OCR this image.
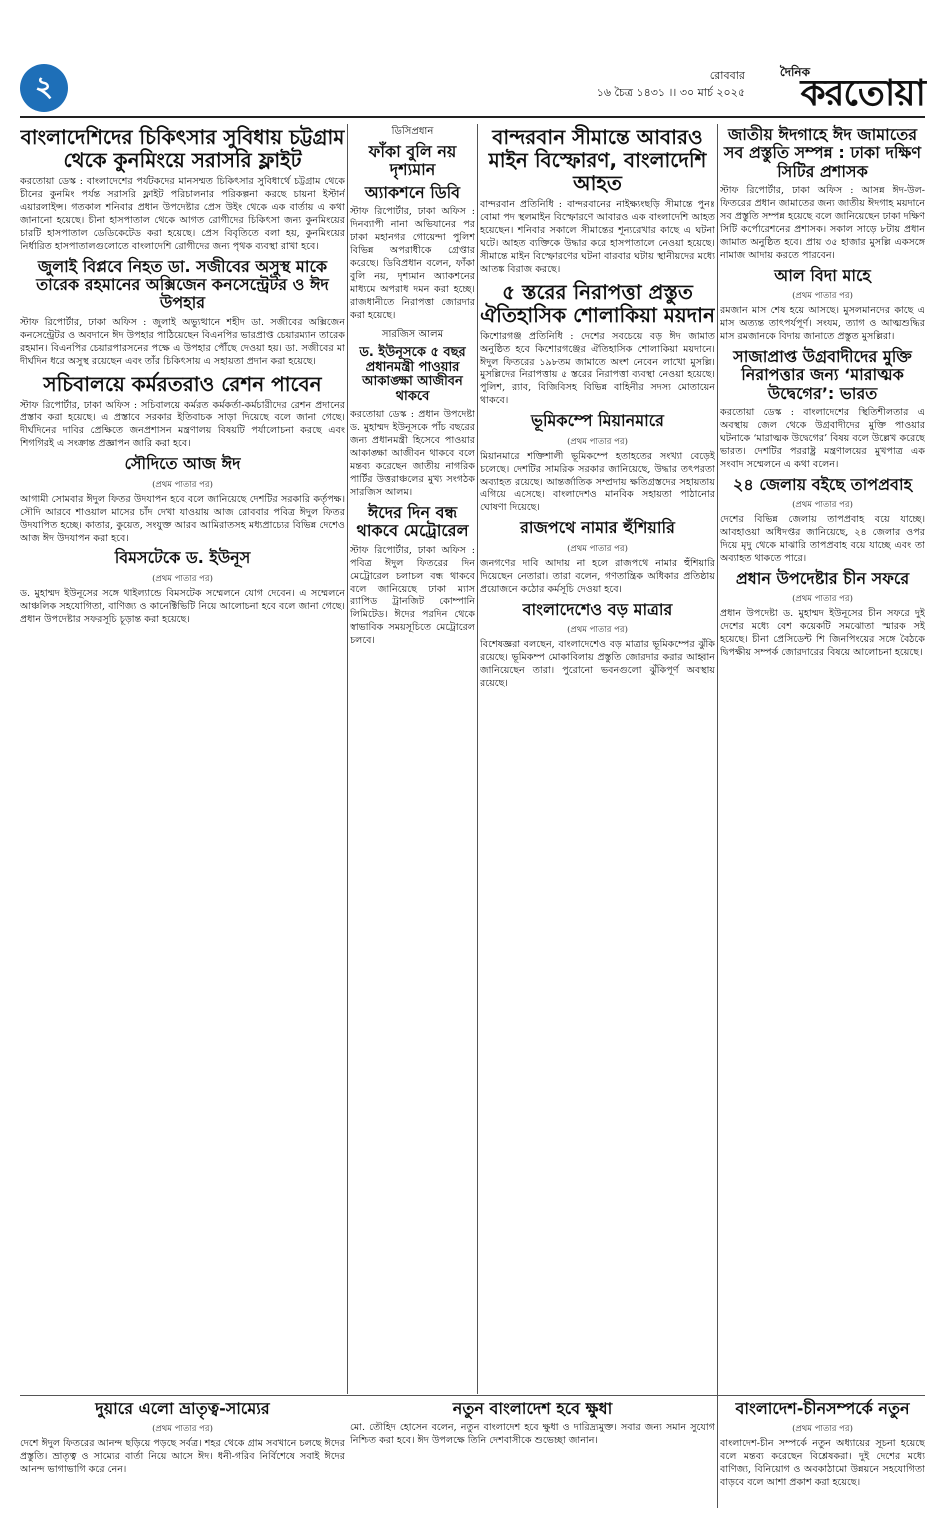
২	রোববার
১৬ চৈত্র ১৪৩১ ।। ৩০ মার্চ ২০২৫
দৈনিক
করতোয়া
বাংলাদেশিদের চিকিৎসার সুবিধায় চট্টগ্রাম থেকে কুনমিংয়ে সরাসরি ফ্লাইট

করতোয়া ডেস্ক : বাংলাদেশের পর্যটকদের মানসম্মত চিকিৎসার সুবিধার্থে চট্টগ্রাম থেকে চীনের কুনমিং পর্যন্ত সরাসরি ফ্লাইট পরিচালনার পরিকল্পনা করছে চায়না ইস্টার্ন এয়ারলাইন্স। গতকাল শনিবার প্রধান উপদেষ্টার প্রেস উইং থেকে এক বার্তায় এ কথা জানানো হয়েছে। চীনা হাসপাতাল থেকে আগত রোগীদের চিকিৎসা জন্য কুনমিংয়ের চারটি হাসপাতাল ডেডিকেটেড করা হয়েছে। প্রেস বিবৃতিতে বলা হয়, কুনমিংয়ের নির্ধারিত হাসপাতালগুলোতে বাংলাদেশি রোগীদের জন্য পৃথক ব্যবস্থা রাখা হবে।

জুলাই বিপ্লবে নিহত ডা. সজীবের অসুস্থ মাকে তারেক রহমানের অক্সিজেন কনসেন্ট্রেটর ও ঈদ উপহার

স্টাফ রিপোর্টার, ঢাকা অফিস : জুলাই অভ্যুত্থানে শহীদ ডা. সজীবের অক্সিজেন কনসেন্ট্রেটর ও অবদানে ঈদ উপহার পাঠিয়েছেন বিএনপির ভারপ্রাপ্ত চেয়ারম্যান তারেক রহমান। বিএনপির চেয়ারপারসনের পক্ষে এ উপহার পৌঁছে দেওয়া হয়। ডা. সজীবের মা দীর্ঘদিন ধরে অসুস্থ রয়েছেন এবং তাঁর চিকিৎসায় এ সহায়তা প্রদান করা হয়েছে।

সচিবালয়ে কর্মরতরাও রেশন পাবেন

স্টাফ রিপোর্টার, ঢাকা অফিস : সচিবালয়ে কর্মরত কর্মকর্তা-কর্মচারীদের রেশন প্রদানের প্রস্তাব করা হয়েছে। এ প্রস্তাবে সরকার ইতিবাচক সাড়া দিয়েছে বলে জানা গেছে। দীর্ঘদিনের দাবির প্রেক্ষিতে জনপ্রশাসন মন্ত্রণালয় বিষয়টি পর্যালোচনা করছে এবং শিগগিরই এ সংক্রান্ত প্রজ্ঞাপন জারি করা হবে।

সৌদিতে আজ ঈদ
(প্রথম পাতার পর)

আগামী সোমবার ঈদুল ফিতর উদযাপন হবে বলে জানিয়েছে দেশটির সরকারি কর্তৃপক্ষ। সৌদি আরবে শাওয়াল মাসের চাঁদ দেখা যাওয়ায় আজ রোববার পবিত্র ঈদুল ফিতর উদযাপিত হচ্ছে। কাতার, কুয়েত, সংযুক্ত আরব আমিরাতসহ মধ্যপ্রাচ্যের বিভিন্ন দেশেও আজ ঈদ উদযাপন করা হবে।

বিমসটেকে ড. ইউনূস
(প্রথম পাতার পর)

ড. মুহাম্মদ ইউনূসের সঙ্গে থাইল্যান্ডে বিমসটেক সম্মেলনে যোগ দেবেন। এ সম্মেলনে আঞ্চলিক সহযোগিতা, বাণিজ্য ও কানেক্টিভিটি নিয়ে আলোচনা হবে বলে জানা গেছে। প্রধান উপদেষ্টার সফরসূচি চূড়ান্ত করা হয়েছে।

ডিসিপ্রধান
ফাঁকা বুলি নয় দৃশ্যমান
অ্যাকশনে ডিবি

স্টাফ রিপোর্টার, ঢাকা অফিস : দিনব্যাপী নানা অভিযানের পর ঢাকা মহানগর গোয়েন্দা পুলিশ বিভিন্ন অপরাধীকে গ্রেপ্তার করেছে। ডিবিপ্রধান বলেন, ফাঁকা বুলি নয়, দৃশ্যমান অ্যাকশনের মাধ্যমে অপরাধ দমন করা হচ্ছে। রাজধানীতে নিরাপত্তা জোরদার করা হয়েছে।

সারজিস আলম
ড. ইউনূসকে ৫ বছর প্রধানমন্ত্রী পাওয়ার আকাঙ্ক্ষা আজীবন থাকবে

করতোয়া ডেস্ক : প্রধান উপদেষ্টা ড. মুহাম্মদ ইউনূসকে পাঁচ বছরের জন্য প্রধানমন্ত্রী হিসেবে পাওয়ার আকাঙ্ক্ষা আজীবন থাকবে বলে মন্তব্য করেছেন জাতীয় নাগরিক পার্টির উত্তরাঞ্চলের মুখ্য সংগঠক সারজিস আলম।

ঈদের দিন বন্ধ থাকবে মেট্রোরেল

স্টাফ রিপোর্টার, ঢাকা অফিস : পবিত্র ঈদুল ফিতরের দিন মেট্রোরেল চলাচল বন্ধ থাকবে বলে জানিয়েছে ঢাকা ম্যাস র‍্যাপিড ট্রানজিট কোম্পানি লিমিটেড। ঈদের পরদিন থেকে স্বাভাবিক সময়সূচিতে মেট্রোরেল চলবে।

বান্দরবান সীমান্তে আবারও মাইন বিস্ফোরণ, বাংলাদেশি আহত

বান্দরবান প্রতিনিধি : বান্দরবানের নাইক্ষ্যংছড়ি সীমান্তে পুনঃ বোমা পদ স্থলমাইন বিস্ফোরণে আবারও এক বাংলাদেশি আহত হয়েছেন। শনিবার সকালে সীমান্তের শূন্যরেখার কাছে এ ঘটনা ঘটে। আহত ব্যক্তিকে উদ্ধার করে হাসপাতালে নেওয়া হয়েছে। সীমান্তে মাইন বিস্ফোরণের ঘটনা বারবার ঘটায় স্থানীয়দের মধ্যে আতঙ্ক বিরাজ করছে।

৫ স্তরের নিরাপত্তা প্রস্তুত ঐতিহাসিক শোলাকিয়া ময়দান

কিশোরগঞ্জ প্রতিনিধি : দেশের সবচেয়ে বড় ঈদ জামাত অনুষ্ঠিত হবে কিশোরগঞ্জের ঐতিহাসিক শোলাকিয়া ময়দানে। ঈদুল ফিতরের ১৯৮তম জামাতে অংশ নেবেন লাখো মুসল্লি। মুসল্লিদের নিরাপত্তায় ৫ স্তরের নিরাপত্তা ব্যবস্থা নেওয়া হয়েছে। পুলিশ, র‍্যাব, বিজিবিসহ বিভিন্ন বাহিনীর সদস্য মোতায়েন থাকবে।

ভূমিকম্পে মিয়ানমারে
(প্রথম পাতার পর)

মিয়ানমারে শক্তিশালী ভূমিকম্পে হতাহতের সংখ্যা বেড়েই চলেছে। দেশটির সামরিক সরকার জানিয়েছে, উদ্ধার তৎপরতা অব্যাহত রয়েছে। আন্তর্জাতিক সম্প্রদায় ক্ষতিগ্রস্তদের সহায়তায় এগিয়ে এসেছে। বাংলাদেশও মানবিক সহায়তা পাঠানোর ঘোষণা দিয়েছে।

রাজপথে নামার হুঁশিয়ারি
(প্রথম পাতার পর)

জনগণের দাবি আদায় না হলে রাজপথে নামার হুঁশিয়ারি দিয়েছেন নেতারা। তারা বলেন, গণতান্ত্রিক অধিকার প্রতিষ্ঠায় প্রয়োজনে কঠোর কর্মসূচি দেওয়া হবে।

বাংলাদেশেও বড় মাত্রার
(প্রথম পাতার পর)

বিশেষজ্ঞরা বলছেন, বাংলাদেশেও বড় মাত্রার ভূমিকম্পের ঝুঁকি রয়েছে। ভূমিকম্প মোকাবিলায় প্রস্তুতি জোরদার করার আহ্বান জানিয়েছেন তারা। পুরোনো ভবনগুলো ঝুঁকিপূর্ণ অবস্থায় রয়েছে।

জাতীয় ঈদগাহে ঈদ জামাতের সব প্রস্তুতি সম্পন্ন : ঢাকা দক্ষিণ সিটির প্রশাসক

স্টাফ রিপোর্টার, ঢাকা অফিস : আসন্ন ঈদ-উল-ফিতরের প্রধান জামাতের জন্য জাতীয় ঈদগাহ ময়দানে সব প্রস্তুতি সম্পন্ন হয়েছে বলে জানিয়েছেন ঢাকা দক্ষিণ সিটি কর্পোরেশনের প্রশাসক। সকাল সাড়ে ৮টায় প্রধান জামাত অনুষ্ঠিত হবে। প্রায় ৩৫ হাজার মুসল্লি একসঙ্গে নামাজ আদায় করতে পারবেন।

আল বিদা মাহে
(প্রথম পাতার পর)

রমজান মাস শেষ হয়ে আসছে। মুসলমানদের কাছে এ মাস অত্যন্ত তাৎপর্যপূর্ণ। সংযম, ত্যাগ ও আত্মশুদ্ধির মাস রমজানকে বিদায় জানাতে প্রস্তুত মুসল্লিরা।

সাজাপ্রাপ্ত উগ্রবাদীদের মুক্তি নিরাপত্তার জন্য ‘মারাত্মক উদ্বেগের’: ভারত

করতোয়া ডেস্ক : বাংলাদেশের স্থিতিশীলতার এ অবস্থায় জেল থেকে উগ্রবাদীদের মুক্তি পাওয়ার ঘটনাকে ‘মারাত্মক উদ্বেগের’ বিষয় বলে উল্লেখ করেছে ভারত। দেশটির পররাষ্ট্র মন্ত্রণালয়ের মুখপাত্র এক সংবাদ সম্মেলনে এ কথা বলেন।

২৪ জেলায় বইছে তাপপ্রবাহ
(প্রথম পাতার পর)

দেশের বিভিন্ন জেলায় তাপপ্রবাহ বয়ে যাচ্ছে। আবহাওয়া অধিদপ্তর জানিয়েছে, ২৪ জেলার ওপর দিয়ে মৃদু থেকে মাঝারি তাপপ্রবাহ বয়ে যাচ্ছে এবং তা অব্যাহত থাকতে পারে।

প্রধান উপদেষ্টার চীন সফরে
(প্রথম পাতার পর)

প্রধান উপদেষ্টা ড. মুহাম্মদ ইউনূসের চীন সফরে দুই দেশের মধ্যে বেশ কয়েকটি সমঝোতা স্মারক সই হয়েছে। চীনা প্রেসিডেন্ট শি জিনপিংয়ের সঙ্গে বৈঠকে দ্বিপক্ষীয় সম্পর্ক জোরদারের বিষয়ে আলোচনা হয়েছে।

দুয়ারে এলো ভ্রাতৃত্ব-সাম্যের
(প্রথম পাতার পর)

দেশে ঈদুল ফিতরের আনন্দ ছড়িয়ে পড়ছে সর্বত্র। শহর থেকে গ্রাম সবখানে চলছে ঈদের প্রস্তুতি। ভ্রাতৃত্ব ও সাম্যের বার্তা নিয়ে আসে ঈদ। ধনী-গরিব নির্বিশেষে সবাই ঈদের আনন্দ ভাগাভাগি করে নেন।

নতুন বাংলাদেশ হবে ক্ষুধা

মো. তৌহিদ হোসেন বলেন, নতুন বাংলাদেশ হবে ক্ষুধা ও দারিদ্র্যমুক্ত। সবার জন্য সমান সুযোগ নিশ্চিত করা হবে। ঈদ উপলক্ষে তিনি দেশবাসীকে শুভেচ্ছা জানান।

বাংলাদেশ-চীনসম্পর্কে নতুন
(প্রথম পাতার পর)

বাংলাদেশ-চীন সম্পর্কে নতুন অধ্যায়ের সূচনা হয়েছে বলে মন্তব্য করেছেন বিশ্লেষকরা। দুই দেশের মধ্যে বাণিজ্য, বিনিয়োগ ও অবকাঠামো উন্নয়নে সহযোগিতা বাড়বে বলে আশা প্রকাশ করা হয়েছে।
